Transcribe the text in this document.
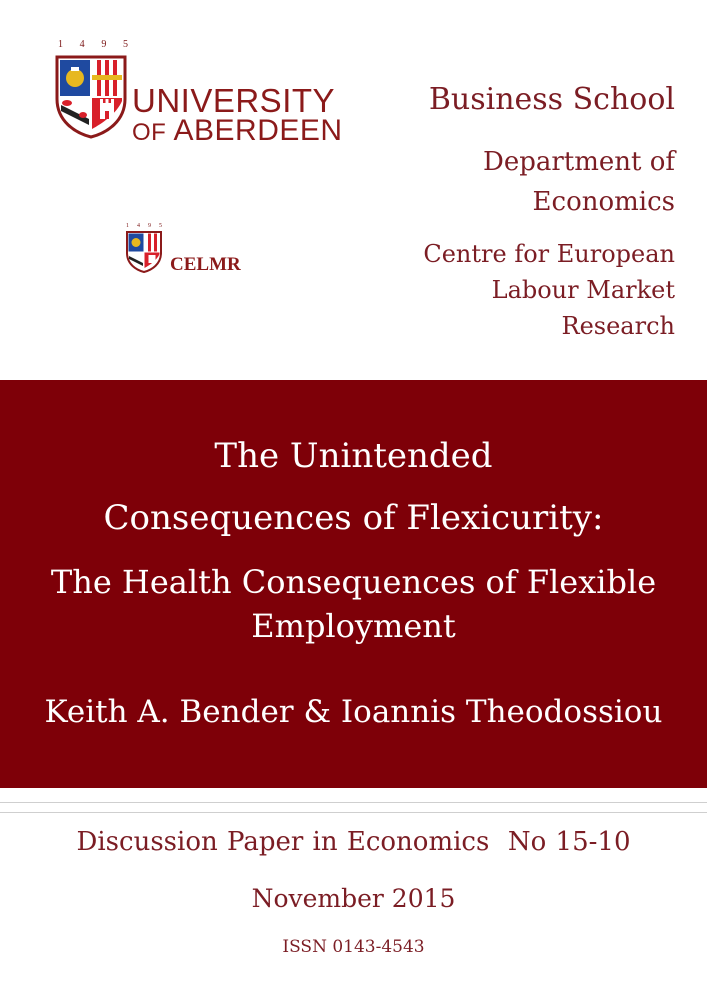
1 4 9 5
UNIVERSITY
OF ABERDEEN
1 4 9 5
CELMR
Business School
Department of
Economics
Centre for European
Labour Market
Research
The Unintended
Consequences of Flexicurity:
The Health Consequences of Flexible Employment
Keith A. Bender & Ioannis Theodossiou
Discussion Paper in Economics  No 15-10
November 2015
ISSN 0143-4543
